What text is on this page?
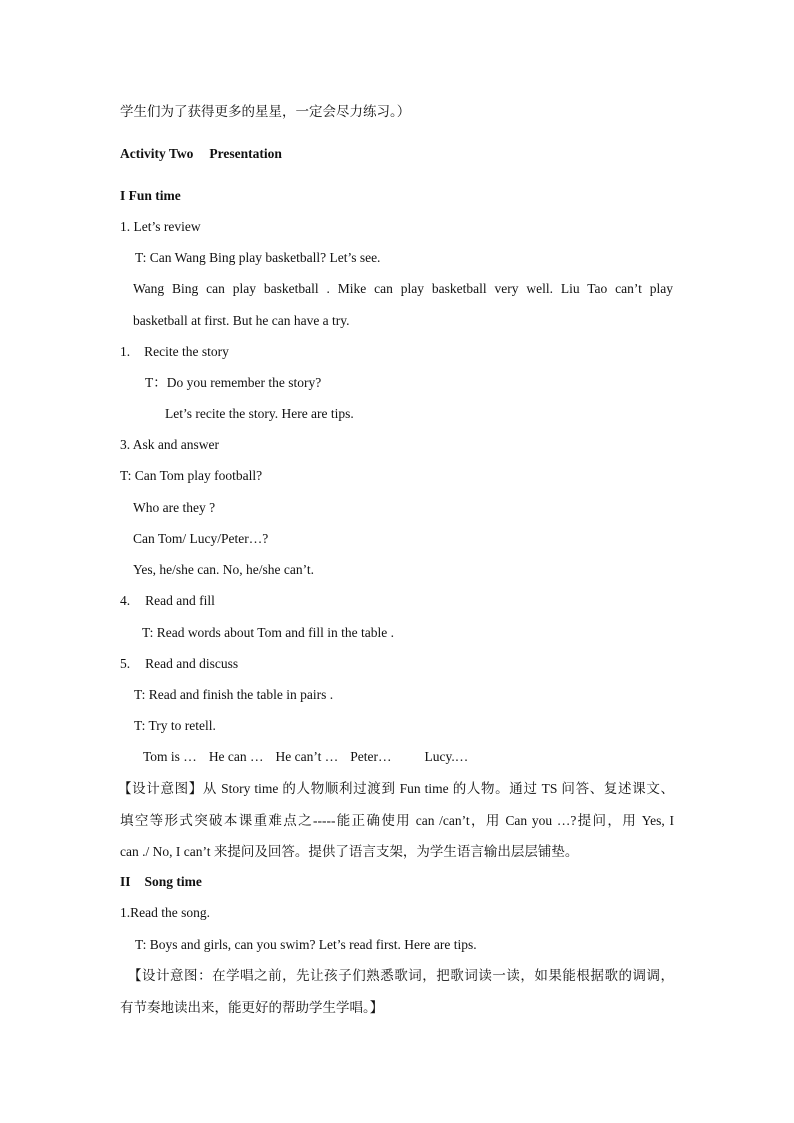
学生们为了获得更多的星星，一定会尽力练习。）
Activity Two Presentation
I Fun time
1. Let’s review
T: Can Wang Bing play basketball? Let’s see.
Wang Bing can play basketball . Mike can play basketball very well. Liu Tao can’t play
basketball at first. But he can have a try.
1. Recite the story
T：Do you remember the story?
Let’s recite the story. Here are tips.
3. Ask and answer
T: Can Tom play football?
Who are they ?
Can Tom/ Lucy/Peter…?
Yes, he/she can. No, he/she can’t.
4. Read and fill
T: Read words about Tom and fill in the table .
5. Read and discuss
T: Read and finish the table in pairs .
T: Try to retell.
Tom is … He can … He can’t … Peter… Lucy.…
【设计意图】从 Story time 的人物顺利过渡到 Fun time 的人物。通过 TS 问答、复述课文、
填空等形式突破本课重难点之-----能正确使用 can /can’t，用 Can you …?提问，用 Yes, I
can ./ No, I can’t 来提问及回答。提供了语言支架，为学生语言输出层层铺垫。
II Song time
1.Read the song.
T: Boys and girls, can you swim? Let’s read first. Here are tips.
【设计意图：在学唱之前，先让孩子们熟悉歌词，把歌词读一读，如果能根据歌的调调，
有节奏地读出来，能更好的帮助学生学唱。】
